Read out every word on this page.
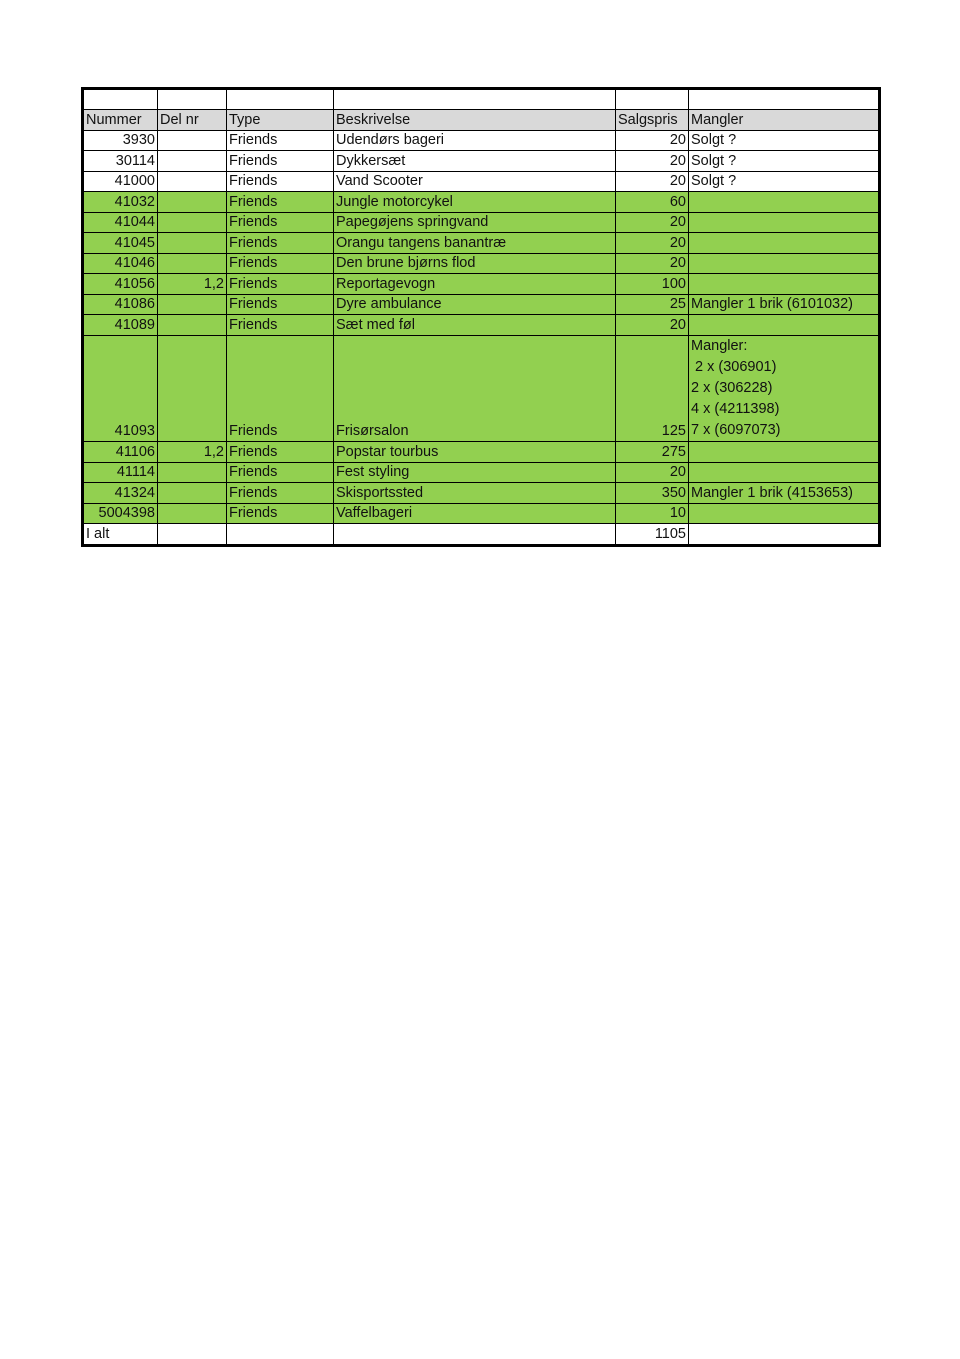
Nummer	Del nr	Type	Beskrivelse	Salgspris	Mangler
3930		Friends	Udendørs bageri	20	Solgt ?
30114		Friends	Dykkersæt	20	Solgt ?
41000		Friends	Vand Scooter	20	Solgt ?
41032		Friends	Jungle motorcykel	60	
41044		Friends	Papegøjens springvand	20	
41045		Friends	Orangu tangens banantræ	20	
41046		Friends	Den brune bjørns flod	20	
41056	1,2	Friends	Reportagevogn	100	
41086		Friends	Dyre ambulance	25	Mangler 1 brik (6101032)
41089		Friends	Sæt med føl	20	
41093		Friends	Frisørsalon	125	Mangler:
2 x (306901)
2 x (306228)
4 x (4211398)
7 x (6097073)

41106	1,2	Friends	Popstar tourbus	275	
41114		Friends	Fest styling	20	
41324		Friends	Skisportssted	350	Mangler 1 brik (4153653)
5004398		Friends	Vaffelbageri	10	
I alt				1105	
